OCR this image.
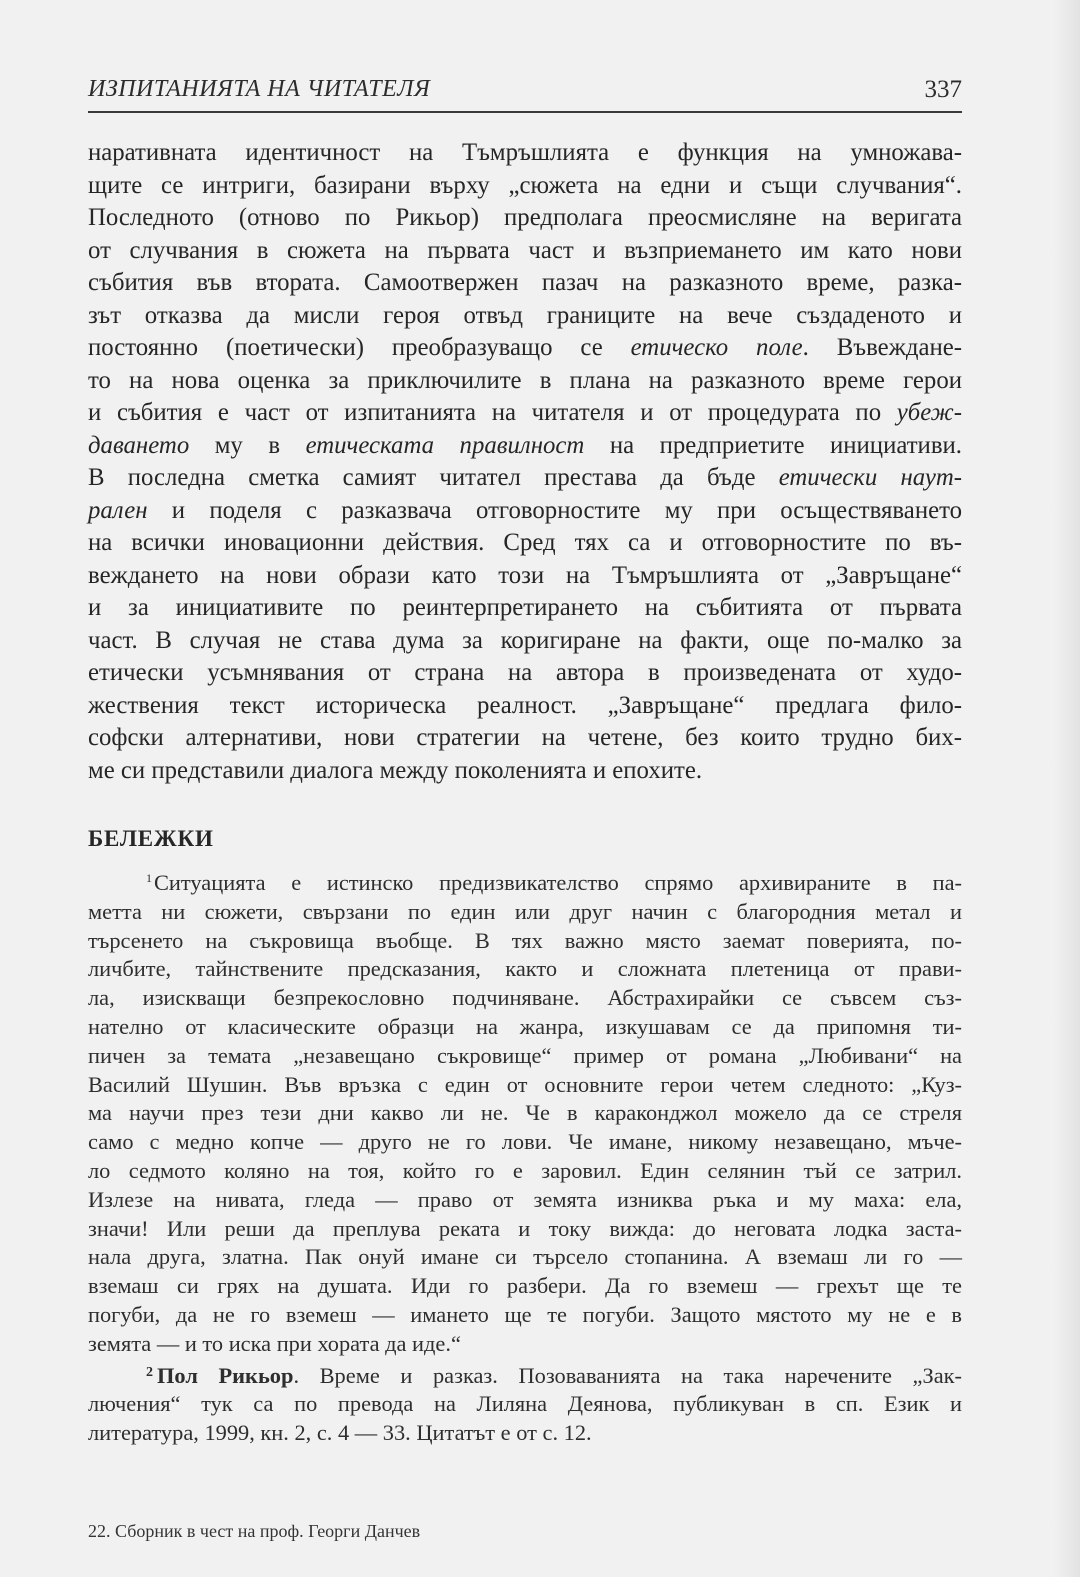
ИЗПИТАНИЯТА НА ЧИТАТЕЛЯ	337
наративната идентичност на Тъмръшлията е функция на умножава-
щите се интриги, базирани върху „сюжета на едни и същи случвания“.
Последното (отново по Рикьор) предполага преосмисляне на веригата
от случвания в сюжета на първата част и възприемането им като нови
събития във втората. Самоотвержен пазач на разказното време, разка-
зът отказва да мисли героя отвъд границите на вече създаденото и
постоянно (поетически) преобразуващо се етическо поле. Въвеждане-
то на нова оценка за приключилите в плана на разказното време герои
и събития е част от изпитанията на читателя и от процедурата по убеж-
даването му в етическата правилност на предприетите инициативи.
В последна сметка самият читател престава да бъде етически наут-
рален и поделя с разказвача отговорностите му при осъществяването
на всички иновационни действия. Сред тях са и отговорностите по въ-
веждането на нови образи като този на Тъмръшлията от „Завръщане“
и за инициативите по реинтерпретирането на събитията от първата
част. В случая не става дума за коригиране на факти, още по-малко за
етически усъмнявания от страна на автора в произведената от худо-
жествения текст историческа реалност. „Завръщане“ предлага фило-
софски алтернативи, нови стратегии на четене, без които трудно бих-
ме си представили диалога между поколенията и епохите.
БЕЛЕЖКИ
$^1$Ситуацията е истинско предизвикателство спрямо архивираните в па-
метта ни сюжети, свързани по един или друг начин с благородния метал и
търсенето на съкровища въобще. В тях важно място заемат поверията, по-
личбите, тайнствените предсказания, както и сложната плетеница от прави-
ла, изискващи безпрекословно подчиняване. Абстрахирайки се съвсем съз-
нателно от класическите образци на жанра, изкушавам се да припомня ти-
пичен за темата „незавещано съкровище“ пример от романа „Любивани“ на
Василий Шушин. Във връзка с един от основните герои четем следното: „Куз-
ма научи през тези дни какво ли не. Че в караконджол можело да се стреля
само с медно копче — друго не го лови. Че имане, никому незавещано, мъче-
ло седмото коляно на тоя, който го е заровил. Един селянин тъй се затрил.
Излезе на нивата, гледа — право от земята изниква ръка и му маха: ела,
значи! Или реши да преплува реката и току вижда: до неговата лодка заста-
нала друга, златна. Пак онуй имане си търсело стопанина. А вземаш ли го —
вземаш си грях на душата. Иди го разбери. Да го вземеш — грехът ще те
погуби, да не го вземеш — имането ще те погуби. Защото мястото му не е в
земята — и то иска при хората да иде.“
$^2$ Пол Рикьор. Време и разказ. Позоваванията на така наречените „Зак-
лючения“ тук са по превода на Лиляна Деянова, публикуван в сп. Език и
литература, 1999, кн. 2, с. 4 — 33. Цитатът е от с. 12.
22. Сборник в чест на проф. Георги Данчев
